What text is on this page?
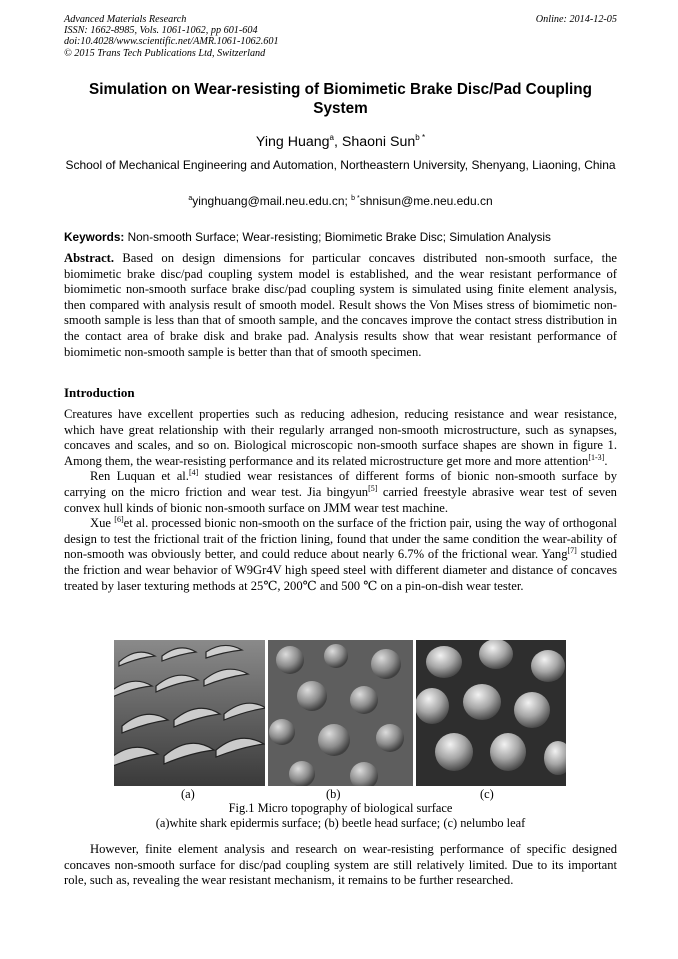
Advanced Materials Research
ISSN: 1662-8985, Vols. 1061-1062, pp 601-604
doi:10.4028/www.scientific.net/AMR.1061-1062.601
© 2015 Trans Tech Publications Ltd, Switzerland
Online: 2014-12-05
Simulation on Wear-resisting of Biomimetic Brake Disc/Pad Coupling System
Ying Huang$^a$, Shaoni Sun$^{b *}$
School of Mechanical Engineering and Automation, Northeastern University, Shenyang, Liaoning, China
$^a$yinghuang@mail.neu.edu.cn; $^{b *}$shnisun@me.neu.edu.cn
Keywords: Non-smooth Surface; Wear-resisting; Biomimetic Brake Disc; Simulation Analysis
Abstract. Based on design dimensions for particular concaves distributed non-smooth surface, the biomimetic brake disc/pad coupling system model is established, and the wear resistant performance of biomimetic non-smooth surface brake disc/pad coupling system is simulated using finite element analysis, then compared with analysis result of smooth model. Result shows the Von Mises stress of biomimetic non-smooth sample is less than that of smooth sample, and the concaves improve the contact stress distribution in the contact area of brake disk and brake pad. Analysis results show that wear resistant performance of biomimetic non-smooth sample is better than that of smooth specimen.
Introduction

Creatures have excellent properties such as reducing adhesion, reducing resistance and wear resistance, which have great relationship with their regularly arranged non-smooth microstructure, such as synapses, concaves and scales, and so on. Biological microscopic non-smooth surface shapes are shown in figure 1. Among them, the wear-resisting performance and its related microstructure get more and more attention[1-3].

Ren Luquan et al.[4] studied wear resistances of different forms of bionic non-smooth surface by carrying on the micro friction and wear test. Jia bingyun[5] carried freestyle abrasive wear test of seven convex hull kinds of bionic non-smooth surface on JMM wear test machine.

Xue [6]et al. processed bionic non-smooth on the surface of the friction pair, using the way of orthogonal design to test the frictional trait of the friction lining, found that under the same condition the wear-ability of non-smooth was obviously better, and could reduce about nearly 6.7% of the frictional wear. Yang[7] studied the friction and wear behavior of W9Gr4V high speed steel with different diameter and distance of concaves treated by laser texturing methods at 25℃, 200℃ and 500 ℃ on a pin-on-dish wear tester.

(a)	(b)	(c)
Fig.1 Micro topography of biological surface
(a)white shark epidermis surface; (b) beetle head surface; (c) nelumbo leaf

However, finite element analysis and research on wear-resisting performance of specific designed concaves non-smooth surface for disc/pad coupling system are still relatively limited. Due to its important role, such as, revealing the wear resistant mechanism, it remains to be further researched.
